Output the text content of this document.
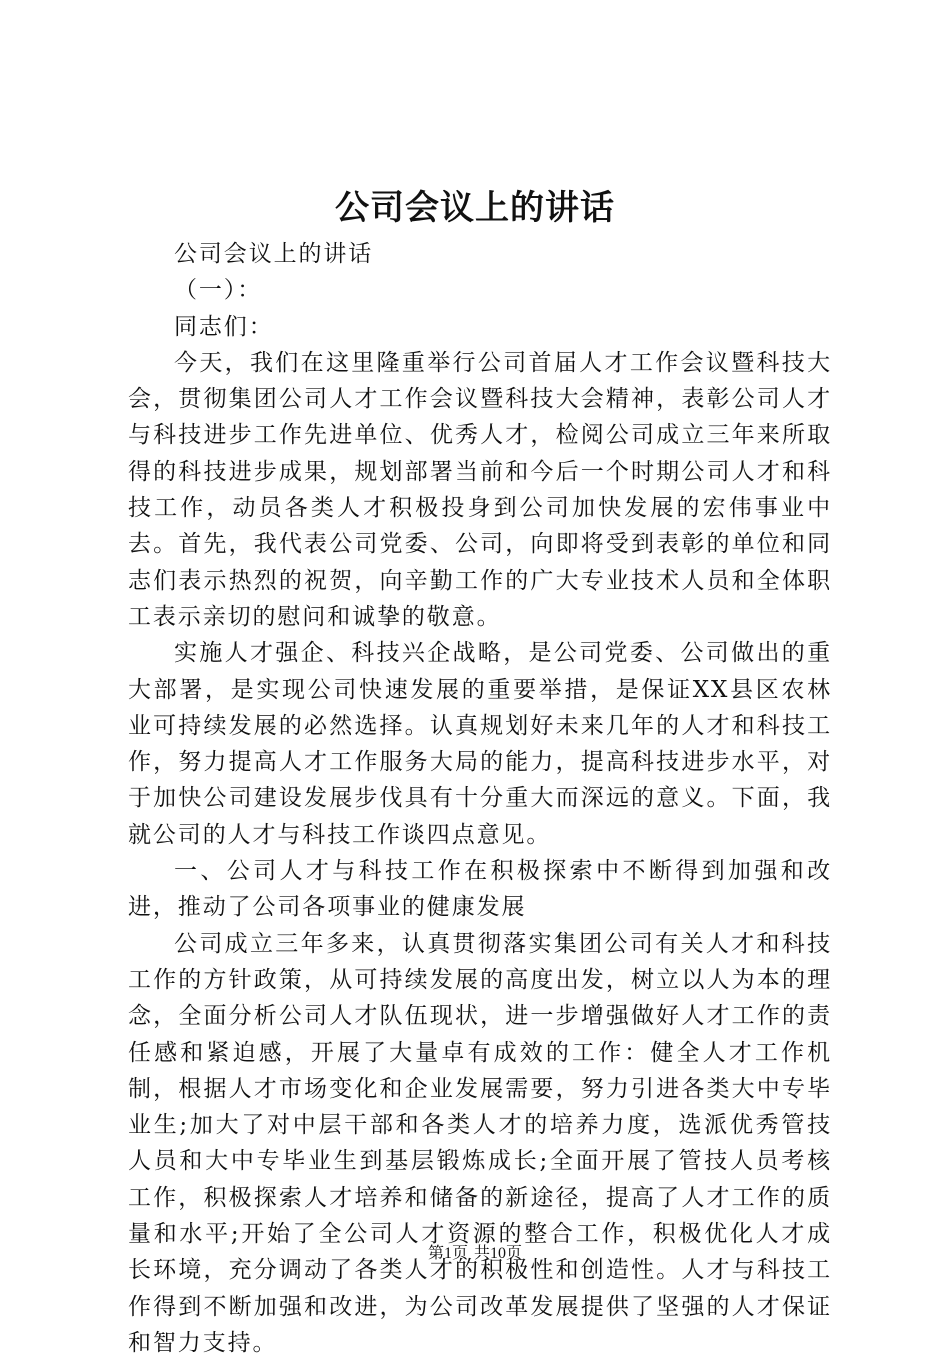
公司会议上的讲话

公司会议上的讲话

（一）：

同志们：

今天，我们在这里隆重举行公司首届人才工作会议暨科技大会，贯彻集团公司人才工作会议暨科技大会精神，表彰公司人才与科技进步工作先进单位、优秀人才，检阅公司成立三年来所取得的科技进步成果，规划部署当前和今后一个时期公司人才和科技工作，动员各类人才积极投身到公司加快发展的宏伟事业中去。首先，我代表公司党委、公司，向即将受到表彰的单位和同志们表示热烈的祝贺，向辛勤工作的广大专业技术人员和全体职工表示亲切的慰问和诚挚的敬意。

实施人才强企、科技兴企战略，是公司党委、公司做出的重大部署，是实现公司快速发展的重要举措，是保证XX县区农林业可持续发展的必然选择。认真规划好未来几年的人才和科技工作，努力提高人才工作服务大局的能力，提高科技进步水平，对于加快公司建设发展步伐具有十分重大而深远的意义。下面，我就公司的人才与科技工作谈四点意见。

一、公司人才与科技工作在积极探索中不断得到加强和改进，推动了公司各项事业的健康发展

公司成立三年多来，认真贯彻落实集团公司有关人才和科技工作的方针政策，从可持续发展的高度出发，树立以人为本的理念，全面分析公司人才队伍现状，进一步增强做好人才工作的责任感和紧迫感，开展了大量卓有成效的工作：健全人才工作机制，根据人才市场变化和企业发展需要，努力引进各类大中专毕业生;加大了对中层干部和各类人才的培养力度，选派优秀管技人员和大中专毕业生到基层锻炼成长;全面开展了管技人员考核工作，积极探索人才培养和储备的新途径，提高了人才工作的质量和水平;开始了全公司人才资源的整合工作，积极优化人才成长环境，充分调动了各类人才的积极性和创造性。人才与科技工作得到不断加强和改进，为公司改革发展提供了坚强的人才保证和智力支持。

第1页 共10页
